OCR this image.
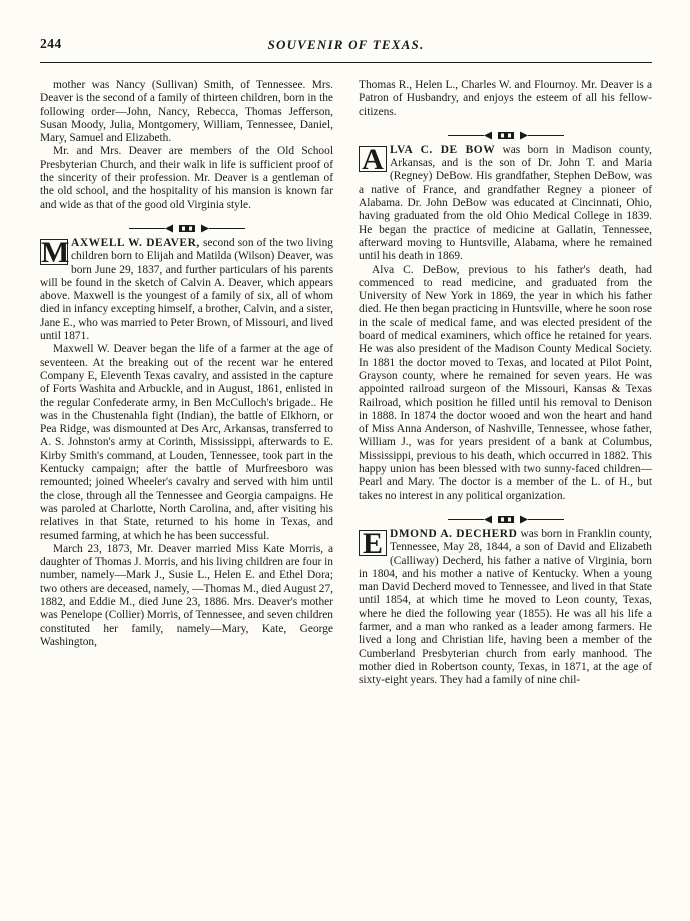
244	SOUVENIR OF TEXAS.

mother was Nancy (Sullivan) Smith, of Tennessee. Mrs. Deaver is the second of a family of thirteen children, born in the following order—John, Nancy, Rebecca, Thomas Jefferson, Susan Moody, Julia, Montgomery, William, Tennessee, Daniel, Mary, Samuel and Elizabeth.

Mr. and Mrs. Deaver are members of the Old School Presbyterian Church, and their walk in life is sufficient proof of the sincerity of their profession. Mr. Deaver is a gentleman of the old school, and the hospitality of his mansion is known far and wide as that of the good old Virginia style.

M AXWELL W. DEAVER, second son of the two living children born to Elijah and Matilda (Wilson) Deaver, was born June 29, 1837, and further particulars of his parents will be found in the sketch of Calvin A. Deaver, which appears above. Maxwell is the youngest of a family of six, all of whom died in infancy excepting himself, a brother, Calvin, and a sister, Jane E., who was married to Peter Brown, of Missouri, and lived until 1871.

Maxwell W. Deaver began the life of a farmer at the age of seventeen. At the breaking out of the recent war he entered Company E, Eleventh Texas cavalry, and assisted in the capture of Forts Washita and Arbuckle, and in August, 1861, enlisted in the regular Confederate army, in Ben McCulloch's brigade.. He was in the Chustenahla fight (Indian), the battle of Elkhorn, or Pea Ridge, was dismounted at Des Arc, Arkansas, transferred to A. S. Johnston's army at Corinth, Mississippi, afterwards to E. Kirby Smith's command, at Louden, Tennessee, took part in the Kentucky campaign; after the battle of Murfreesboro was remounted; joined Wheeler's cavalry and served with him until the close, through all the Tennessee and Georgia campaigns. He was paroled at Charlotte, North Carolina, and, after visiting his relatives in that State, returned to his home in Texas, and resumed farming, at which he has been successful.

March 23, 1873, Mr. Deaver married Miss Kate Morris, a daughter of Thomas J. Morris, and his living children are four in number, namely—Mark J., Susie L., Helen E. and Ethel Dora; two others are deceased, namely, —Thomas M., died August 27, 1882, and Eddie M., died June 23, 1886. Mrs. Deaver's mother was Penelope (Collier) Morris, of Tennessee, and seven children constituted her family, namely—Mary, Kate, George Washington,

Thomas R., Helen L., Charles W. and Flournoy. Mr. Deaver is a Patron of Husbandry, and enjoys the esteem of all his fellow-citizens.

A LVA C. DE BOW was born in Madison county, Arkansas, and is the son of Dr. John T. and Maria (Regney) DeBow. His grandfather, Stephen DeBow, was a native of France, and grandfather Regney a pioneer of Alabama. Dr. John DeBow was educated at Cincinnati, Ohio, having graduated from the old Ohio Medical College in 1839. He began the practice of medicine at Gallatin, Tennessee, afterward moving to Huntsville, Alabama, where he remained until his death in 1869.

Alva C. DeBow, previous to his father's death, had commenced to read medicine, and graduated from the University of New York in 1869, the year in which his father died. He then began practicing in Huntsville, where he soon rose in the scale of medical fame, and was elected president of the board of medical examiners, which office he retained for years. He was also president of the Madison County Medical Society. In 1881 the doctor moved to Texas, and located at Pilot Point, Grayson county, where he remained for seven years. He was appointed railroad surgeon of the Missouri, Kansas & Texas Railroad, which position he filled until his removal to Denison in 1888. In 1874 the doctor wooed and won the heart and hand of Miss Anna Anderson, of Nashville, Tennessee, whose father, William J., was for years president of a bank at Columbus, Mississippi, previous to his death, which occurred in 1882. This happy union has been blessed with two sunny-faced children—Pearl and Mary. The doctor is a member of the L. of H., but takes no interest in any political organization.

E DMOND A. DECHERD was born in Franklin county, Tennessee, May 28, 1844, a son of David and Elizabeth (Calliway) Decherd, his father a native of Virginia, born in 1804, and his mother a native of Kentucky. When a young man David Decherd moved to Tennessee, and lived in that State until 1854, at which time he moved to Leon county, Texas, where he died the following year (1855). He was all his life a farmer, and a man who ranked as a leader among farmers. He lived a long and Christian life, having been a member of the Cumberland Presbyterian church from early manhood. The mother died in Robertson county, Texas, in 1871, at the age of sixty-eight years. They had a family of nine chil-
